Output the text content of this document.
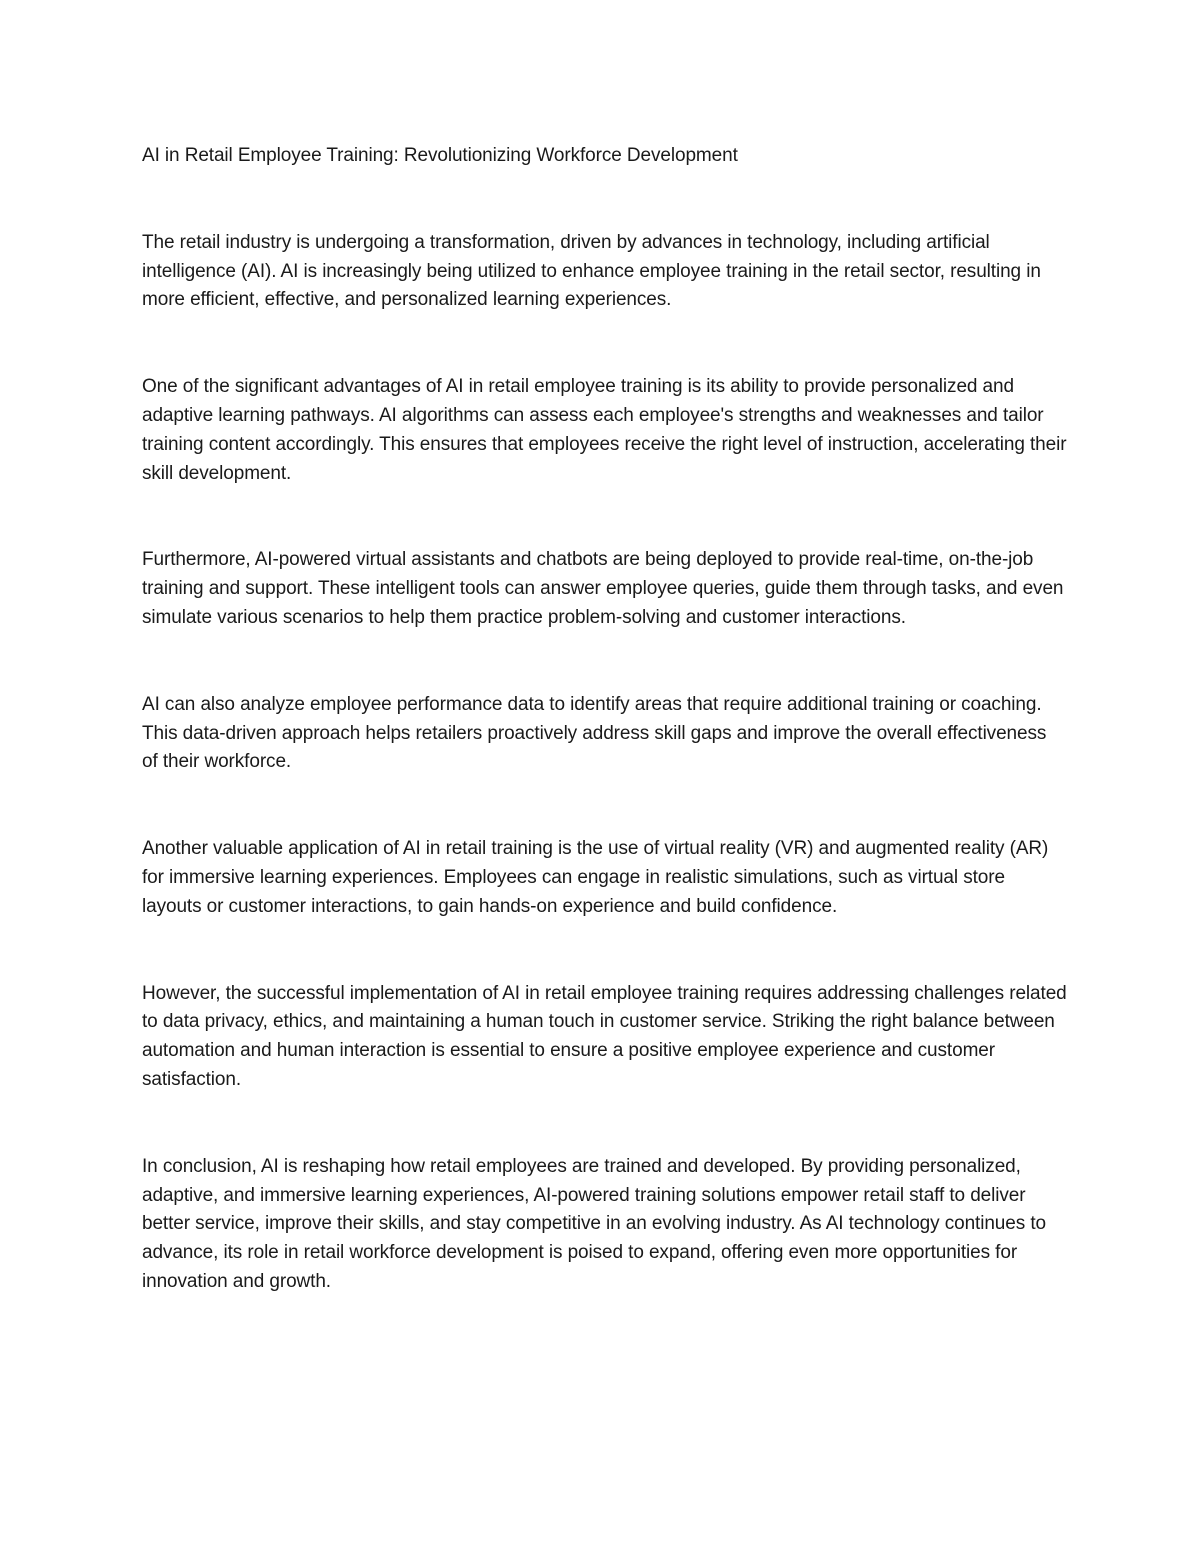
AI in Retail Employee Training: Revolutionizing Workforce Development

The retail industry is undergoing a transformation, driven by advances in technology, including artificial intelligence (AI). AI is increasingly being utilized to enhance employee training in the retail sector, resulting in more efficient, effective, and personalized learning experiences.

One of the significant advantages of AI in retail employee training is its ability to provide personalized and adaptive learning pathways. AI algorithms can assess each employee's strengths and weaknesses and tailor training content accordingly. This ensures that employees receive the right level of instruction, accelerating their skill development.

Furthermore, AI-powered virtual assistants and chatbots are being deployed to provide real-time, on-the-job training and support. These intelligent tools can answer employee queries, guide them through tasks, and even simulate various scenarios to help them practice problem-solving and customer interactions.

AI can also analyze employee performance data to identify areas that require additional training or coaching. This data-driven approach helps retailers proactively address skill gaps and improve the overall effectiveness of their workforce.

Another valuable application of AI in retail training is the use of virtual reality (VR) and augmented reality (AR) for immersive learning experiences. Employees can engage in realistic simulations, such as virtual store layouts or customer interactions, to gain hands-on experience and build confidence.

However, the successful implementation of AI in retail employee training requires addressing challenges related to data privacy, ethics, and maintaining a human touch in customer service. Striking the right balance between automation and human interaction is essential to ensure a positive employee experience and customer satisfaction.

In conclusion, AI is reshaping how retail employees are trained and developed. By providing personalized, adaptive, and immersive learning experiences, AI-powered training solutions empower retail staff to deliver better service, improve their skills, and stay competitive in an evolving industry. As AI technology continues to advance, its role in retail workforce development is poised to expand, offering even more opportunities for innovation and growth.
